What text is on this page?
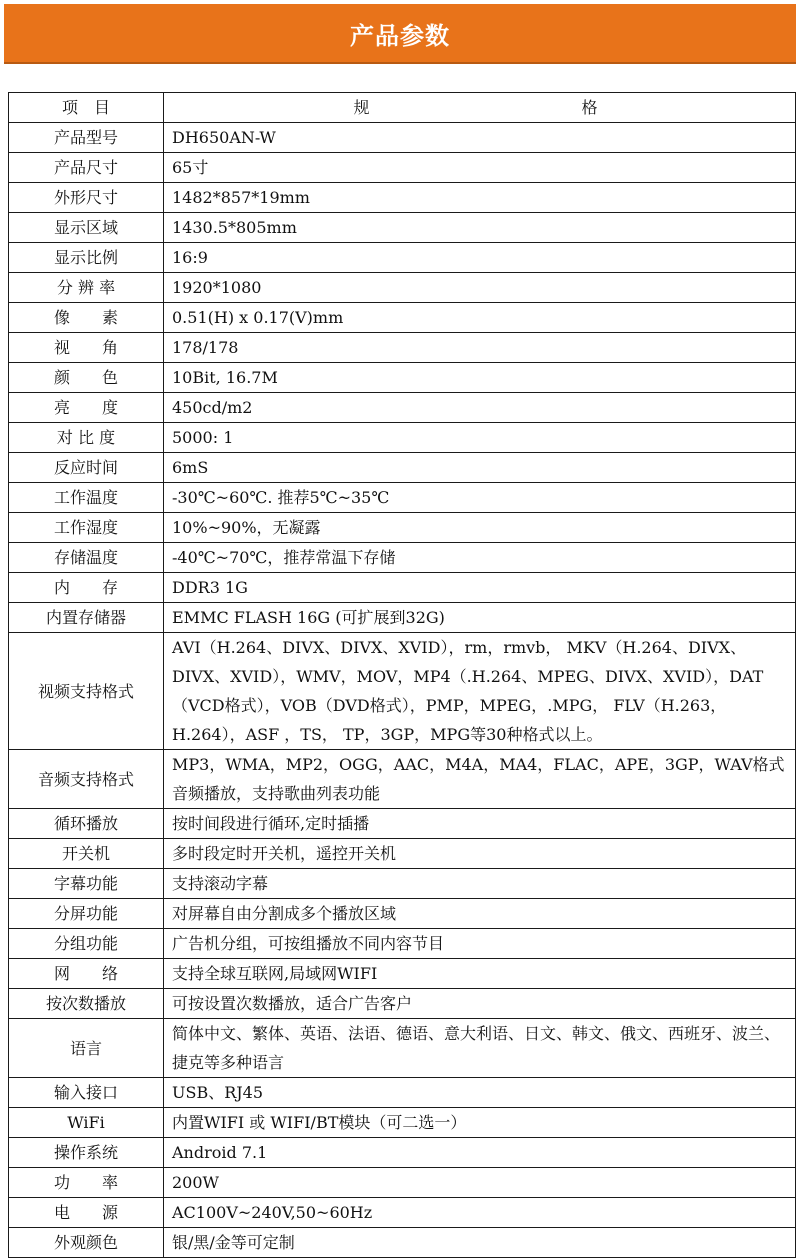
产品参数
项　目	规　　格
产品型号	DH650AN-W
产品尺寸	65寸
外形尺寸	1482*857*19mm
显示区域	1430.5*805mm
显示比例	16:9
分 辨 率	1920*1080
像　　素	0.51(H) x 0.17(V)mm
视　　角	178/178
颜　　色	10Bit, 16.7M
亮　　度	450cd/m2
对 比 度	5000: 1
反应时间	6mS
工作温度	-30℃~60℃. 推荐5℃~35℃
工作湿度	10%~90%，无凝露
存储温度	-40℃~70℃，推荐常温下存储
内　　存	DDR3 1G
内置存储器	EMMC FLASH 16G (可扩展到32G)
视频支持格式	AVI（H.264、DIVX、DIVX、XVID），rm，rmvb， MKV（H.264、DIVX、DIVX、XVID），WMV，MOV，MP4（.H.264、MPEG、DIVX、XVID），DAT（VCD格式），VOB（DVD格式），PMP，MPEG，.MPG， FLV（H.263，H.264），ASF ，TS， TP，3GP，MPG等30种格式以上。
音频支持格式	MP3，WMA，MP2，OGG，AAC，M4A，MA4，FLAC，APE，3GP，WAV格式音频播放，支持歌曲列表功能
循环播放	按时间段进行循环,定时插播
开关机	多时段定时开关机，遥控开关机
字幕功能	支持滚动字幕
分屏功能	对屏幕自由分割成多个播放区域
分组功能	广告机分组，可按组播放不同内容节目
网　　络	支持全球互联网,局域网WIFI
按次数播放	可按设置次数播放，适合广告客户
语言	简体中文、繁体、英语、法语、德语、意大利语、日文、韩文、俄文、西班牙、波兰、捷克等多种语言
输入接口	USB、RJ45
WiFi	内置WIFI 或 WIFI/BT模块（可二选一）
操作系统	Android 7.1
功　　率	200W
电　　源	AC100V~240V,50~60Hz
外观颜色	银/黑/金等可定制
